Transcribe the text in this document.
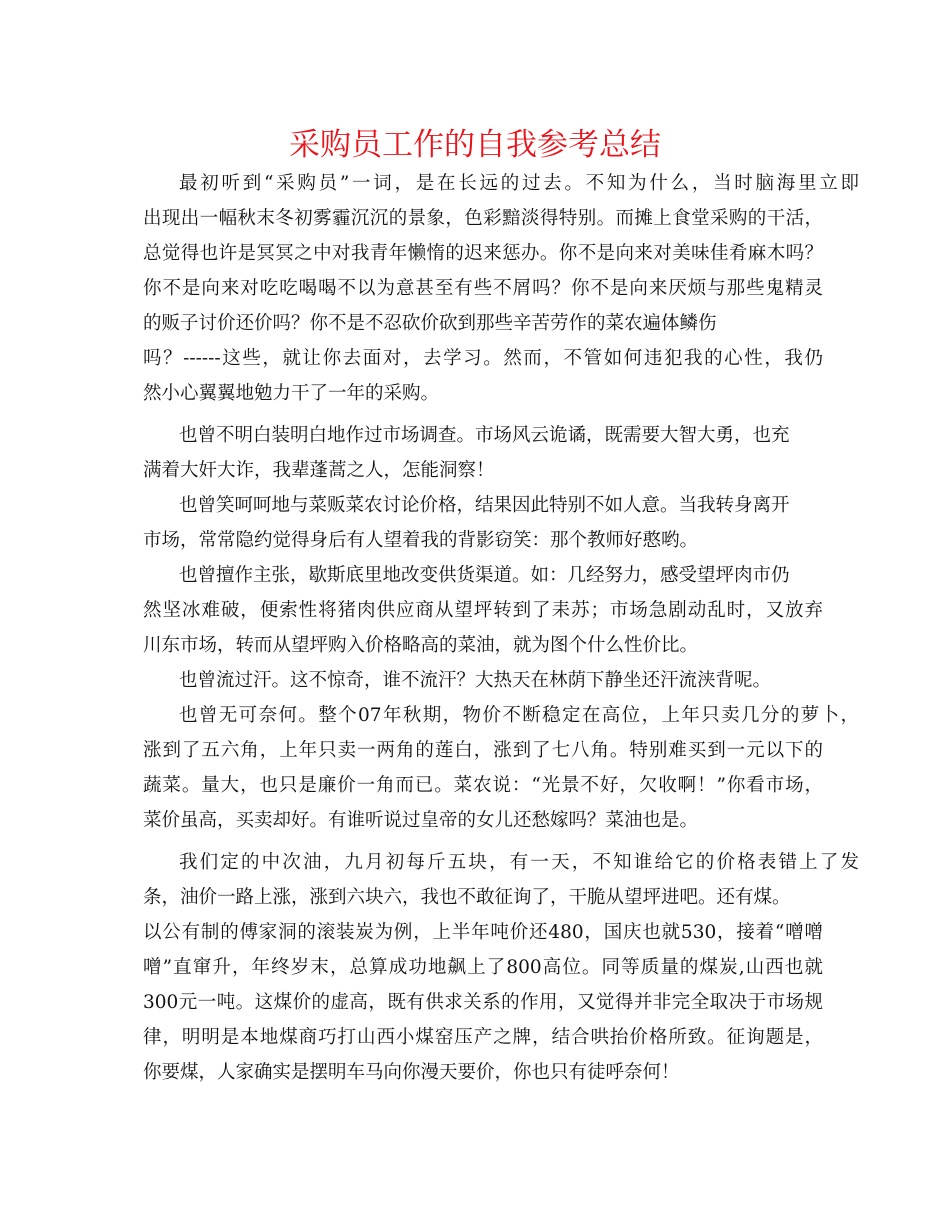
采购员工作的自我参考总结

最初听到“采购员”一词，是在长远的过去。不知为什么，当时脑海里立即

出现出一幅秋末冬初雾霾沉沉的景象，色彩黯淡得特别。而摊上食堂采购的干活，

总觉得也许是冥冥之中对我青年懒惰的迟来惩办。你不是向来对美味佳肴麻木吗？

你不是向来对吃吃喝喝不以为意甚至有些不屑吗？你不是向来厌烦与那些鬼精灵

的贩子讨价还价吗？你不是不忍砍价砍到那些辛苦劳作的菜农遍体鳞伤

吗？------这些，就让你去面对，去学习。然而，不管如何违犯我的心性，我仍

然小心翼翼地勉力干了一年的采购。

也曾不明白装明白地作过市场调查。市场风云诡谲，既需要大智大勇，也充

满着大奸大诈，我辈蓬蒿之人，怎能洞察！

也曾笑呵呵地与菜贩菜农讨论价格，结果因此特别不如人意。当我转身离开

市场，常常隐约觉得身后有人望着我的背影窃笑：那个教师好憨哟。

也曾擅作主张，歇斯底里地改变供货渠道。如：几经努力，感受望坪肉市仍

然坚冰难破，便索性将猪肉供应商从望坪转到了耒苏；市场急剧动乱时，又放弃

川东市场，转而从望坪购入价格略高的菜油，就为图个什么性价比。

也曾流过汗。这不惊奇，谁不流汗？大热天在林荫下静坐还汗流浃背呢。

也曾无可奈何。整个07年秋期，物价不断稳定在高位，上年只卖几分的萝卜，

涨到了五六角，上年只卖一两角的莲白，涨到了七八角。特别难买到一元以下的

蔬菜。量大，也只是廉价一角而已。菜农说：“光景不好，欠收啊！”你看市场，

菜价虽高，买卖却好。有谁听说过皇帝的女儿还愁嫁吗？菜油也是。

我们定的中次油，九月初每斤五块，有一天，不知谁给它的价格表错上了发

条，油价一路上涨，涨到六块六，我也不敢征询了，干脆从望坪进吧。还有煤。

以公有制的傅家洞的滚装炭为例，上半年吨价还480，国庆也就530，接着“噌噌

噌”直窜升，年终岁末，总算成功地飙上了800高位。同等质量的煤炭,山西也就

300元一吨。这煤价的虚高，既有供求关系的作用，又觉得并非完全取决于市场规

律，明明是本地煤商巧打山西小煤窑压产之牌，结合哄抬价格所致。征询题是，

你要煤，人家确实是摆明车马向你漫天要价，你也只有徒呼奈何！
